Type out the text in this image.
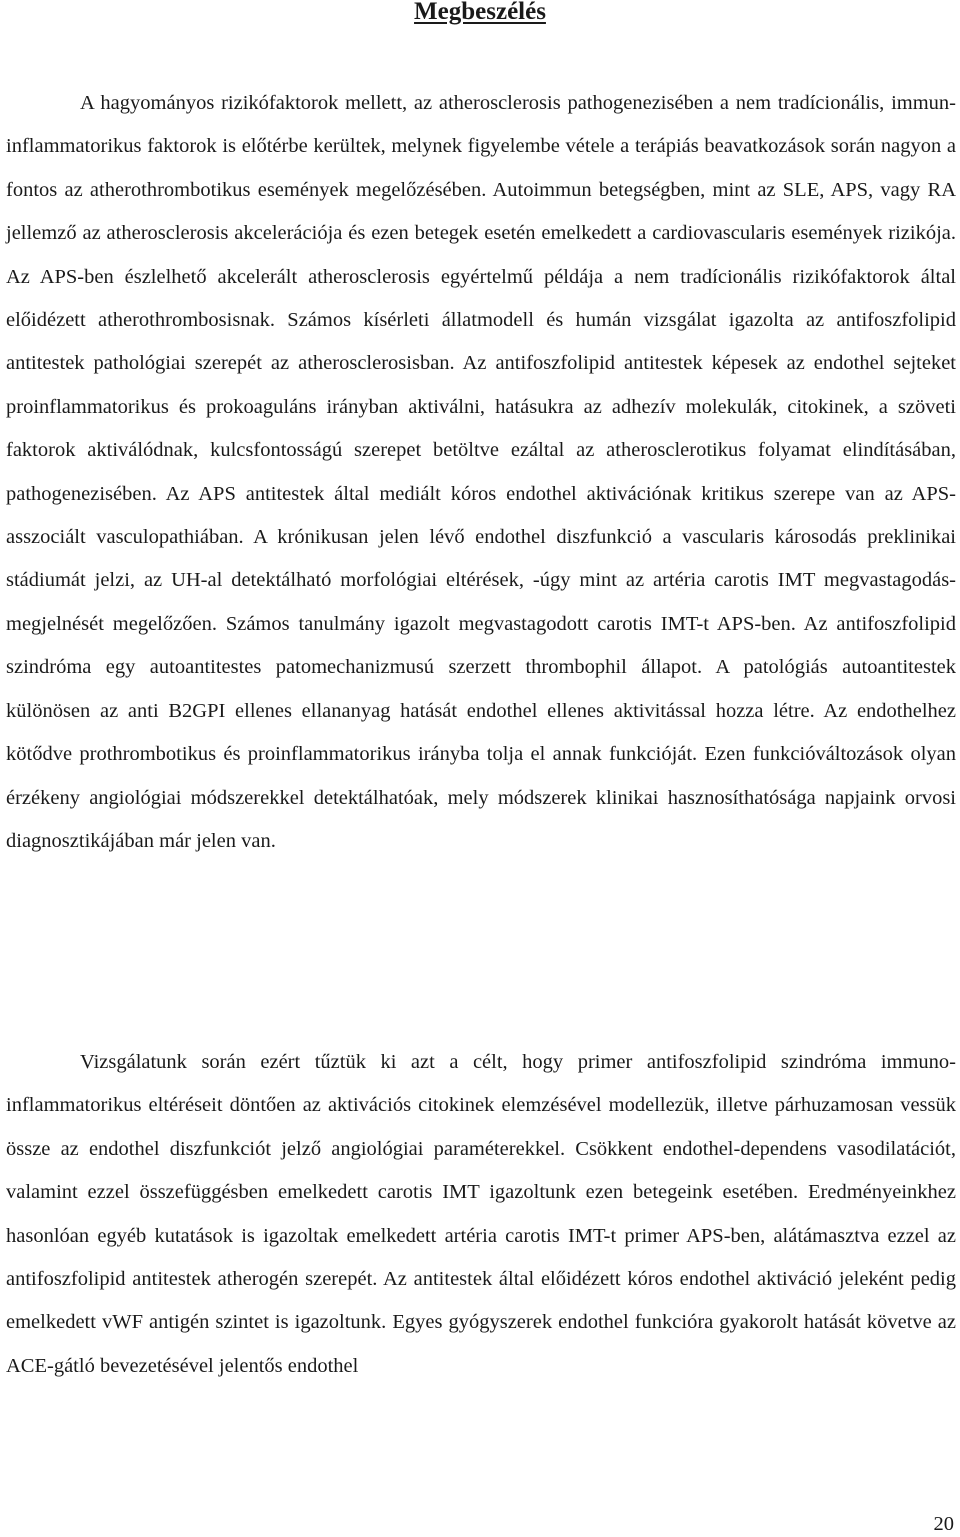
Megbeszélés

A hagyományos rizikófaktorok mellett, az atherosclerosis pathogenezisében a nem tradícionális, immun-inflammatorikus faktorok is előtérbe kerültek, melynek figyelembe vétele a terápiás beavatkozások során nagyon a fontos az atherothrombotikus események megelőzésében. Autoimmun betegségben, mint az SLE, APS, vagy RA jellemző az atherosclerosis akcelerációja és ezen betegek esetén emelkedett a cardiovascularis események rizikója. Az APS-ben észlelhető akcelerált atherosclerosis egyértelmű példája a nem tradícionális rizikófaktorok által előidézett atherothrombosisnak. Számos kísérleti állatmodell és humán vizsgálat igazolta az antifoszfolipid antitestek pathológiai szerepét az atherosclerosisban. Az antifoszfolipid antitestek képesek az endothel sejteket proinflammatorikus és prokoaguláns irányban aktiválni, hatásukra az adhezív molekulák, citokinek, a szöveti faktorok aktiválódnak, kulcsfontosságú szerepet betöltve ezáltal az atherosclerotikus folyamat elindításában, pathogenezisében. Az APS antitestek által mediált kóros endothel aktivációnak kritikus szerepe van az APS-asszociált vasculopathiában. A krónikusan jelen lévő endothel diszfunkció a vascularis károsodás preklinikai stádiumát jelzi, az UH-al detektálható morfológiai eltérések, -úgy mint az artéria carotis IMT megvastagodás-megjelnését megelőzően. Számos tanulmány igazolt megvastagodott carotis IMT-t APS-ben. Az antifoszfolipid szindróma egy autoantitestes patomechanizmusú szerzett thrombophil állapot. A patológiás autoantitestek különösen az anti B2GPI ellenes ellananyag hatását endothel ellenes aktivitással hozza létre. Az endothelhez kötődve prothrombotikus és proinflammatorikus irányba tolja el annak funkcióját. Ezen funkcióváltozások olyan érzékeny angiológiai módszerekkel detektálhatóak, mely módszerek klinikai hasznosíthatósága napjaink orvosi diagnosztikájában már jelen van.

Vizsgálatunk során ezért tűztük ki azt a célt, hogy primer antifoszfolipid szindróma immuno-inflammatorikus eltéréseit döntően az aktivációs citokinek elemzésével modellezük, illetve párhuzamosan vessük össze az endothel diszfunkciót jelző angiológiai paraméterekkel. Csökkent endothel-dependens vasodilatációt, valamint ezzel összefüggésben emelkedett carotis IMT igazoltunk ezen betegeink esetében. Eredményeinkhez hasonlóan egyéb kutatások is igazoltak emelkedett artéria carotis IMT-t primer APS-ben, alátámasztva ezzel az antifoszfolipid antitestek atherogén szerepét. Az antitestek által előidézett kóros endothel aktiváció jeleként pedig emelkedett vWF antigén szintet is igazoltunk. Egyes gyógyszerek endothel funkcióra gyakorolt hatását követve az ACE-gátló bevezetésével jelentős endothel

20
